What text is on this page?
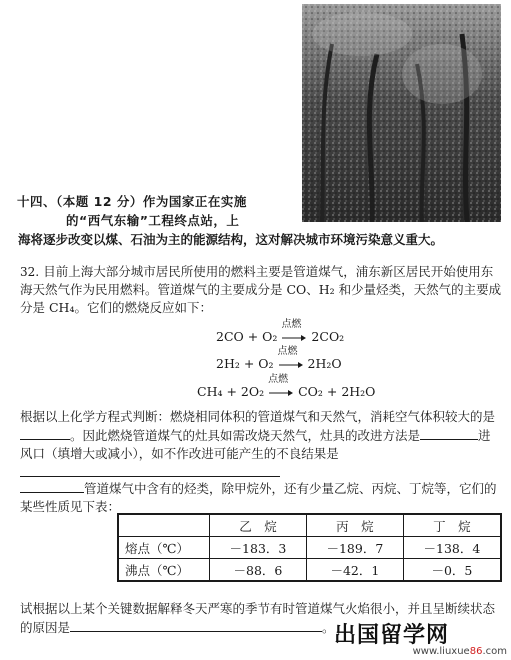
十四、（本题 12 分）作为国家正在实施
的“西气东输”工程终点站，上
海将逐步改变以煤、石油为主的能源结构，这对解决城市环境污染意义重大。
32. 目前上海大部分城市居民所使用的燃料主要是管道煤气，浦东新区居民开始使用东海天然气作为民用燃料。管道煤气的主要成分是 CO、H₂ 和少量烃类，天然气的主要成分是 CH₄。它们的燃烧反应如下：
2CO + O₂
点燃
2CO₂
2H₂ + O₂
点燃
2H₂O
CH₄ + 2O₂
点燃
CO₂ + 2H₂O
根据以上化学方程式判断：燃烧相同体积的管道煤气和天然气，消耗空气体积较大的是。因此燃烧管道煤气的灶具如需改烧天然气，灶具的改进方法是	进风口（填增大或减小），如不作改进可能产生的不良结果是
管道煤气中含有的烃类，除甲烷外，还有少量乙烷、丙烷、丁烷等，它们的某些性质见下表：
	乙　烷	丙　烷	丁　烷
熔点（℃）	－183．3	－189．7	－138．4
沸点（℃）	－88．6	－42．1	－0．5
试根据以上某个关键数据解释冬天严寒的季节有时管道煤气火焰很小，并且呈断续状态的原因是	。 出国留学网
www.liuxue86.com
